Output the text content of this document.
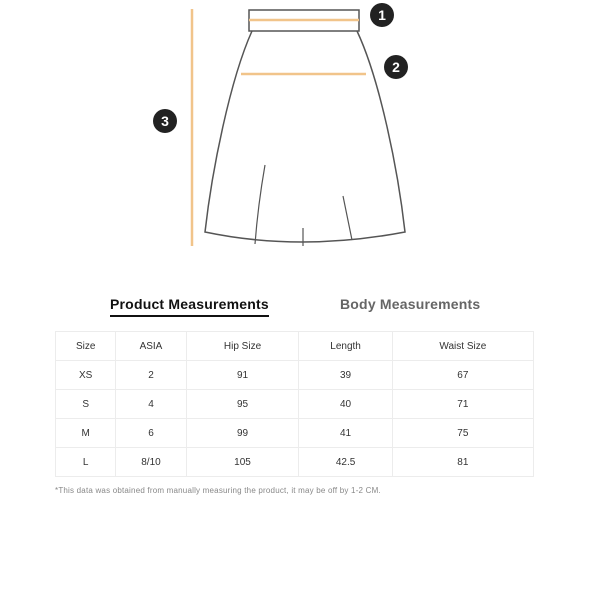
1
2
3
Product Measurements	Body Measurements
Size	ASIA	Hip Size	Length	Waist Size
XS	2	91	39	67
S	4	95	40	71
M	6	99	41	75
L	8/10	105	42.5	81
*This data was obtained from manually measuring the product, it may be off by 1-2 CM.
